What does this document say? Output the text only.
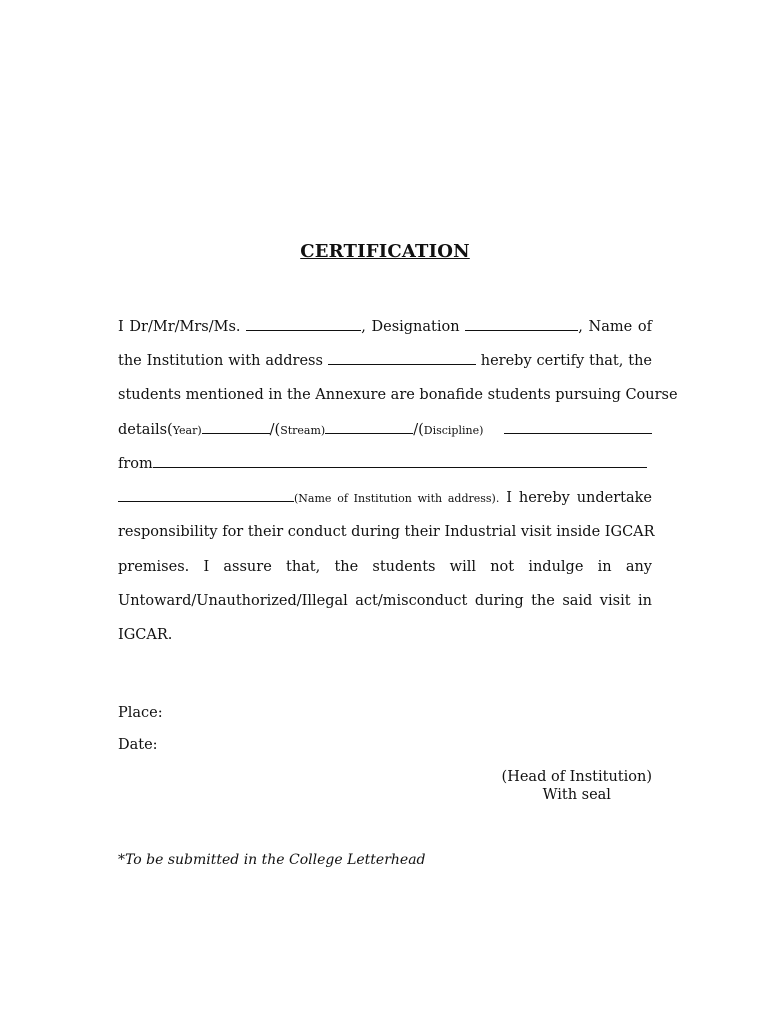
CERTIFICATION
I Dr/Mr/Mrs/Ms.	, Designation	, Name of
the Institution with address	hereby certify that, the
students mentioned in the Annexure are bonafide students pursuing Course
details(Year)	/(Stream)	/(Discipline)
from
(Name of Institution with address). I hereby undertake
responsibility for their conduct during their Industrial visit inside IGCAR
premises. I assure that, the students will not indulge in any
Untoward/Unauthorized/Illegal act/misconduct during the said visit in
IGCAR.
Place:
Date:
(Head of Institution)
With seal
*To be submitted in the College Letterhead
